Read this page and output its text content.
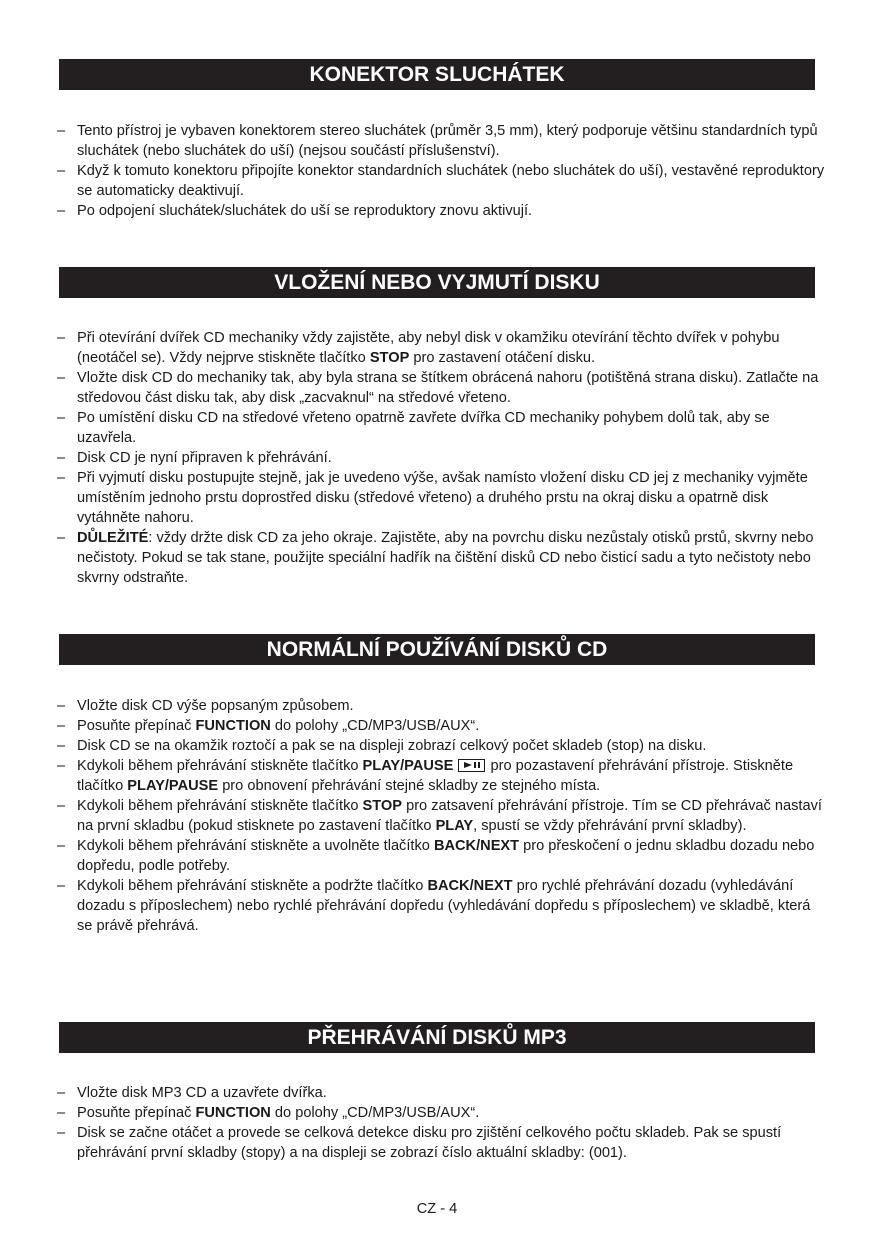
KONEKTOR SLUCHÁTEK
– Tento přístroj je vybaven konektorem stereo sluchátek (průměr 3,5 mm), který podporuje většinu standardních typů sluchátek (nebo sluchátek do uší) (nejsou součástí příslušenství).
– Když k tomuto konektoru připojíte konektor standardních sluchátek (nebo sluchátek do uší), vestavěné reproduktory se automaticky deaktivují.
– Po odpojení sluchátek/sluchátek do uší se reproduktory znovu aktivují.
VLOŽENÍ NEBO VYJMUTÍ DISKU
– Při otevírání dvířek CD mechaniky vždy zajistěte, aby nebyl disk v okamžiku otevírání těchto dvířek v pohybu (neotáčel se). Vždy nejprve stiskněte tlačítko STOP pro zastavení otáčení disku.
– Vložte disk CD do mechaniky tak, aby byla strana se štítkem obrácená nahoru (potištěná strana disku). Zatlačte na středovou část disku tak, aby disk „zacvaknul“ na středové vřeteno.
– Po umístění disku CD na středové vřeteno opatrně zavřete dvířka CD mechaniky pohybem dolů tak, aby se uzavřela.
– Disk CD je nyní připraven k přehrávání.
– Při vyjmutí disku postupujte stejně, jak je uvedeno výše, avšak namísto vložení disku CD jej z mechaniky vyjměte umístěním jednoho prstu doprostřed disku (středové vřeteno) a druhého prstu na okraj disku a opatrně disk vytáhněte nahoru.
– DŮLEŽITÉ: vždy držte disk CD za jeho okraje. Zajistěte, aby na povrchu disku nezůstaly otisků prstů, skvrny nebo nečistoty. Pokud se tak stane, použijte speciální hadřík na čištění disků CD nebo čisticí sadu a tyto nečistoty nebo skvrny odstraňte.
NORMÁLNÍ POUŽÍVÁNÍ DISKŮ CD
– Vložte disk CD výše popsaným způsobem.
– Posuňte přepínač FUNCTION do polohy „CD/MP3/USB/AUX“.
– Disk CD se na okamžik roztočí a pak se na displeji zobrazí celkový počet skladeb (stop) na disku.
– Kdykoli během přehrávání stiskněte tlačítko PLAY/PAUSE
pro pozastavení přehrávání přístroje. Stiskněte tlačítko PLAY/PAUSE pro obnovení přehrávání stejné skladby ze stejného místa.
– Kdykoli během přehrávání stiskněte tlačítko STOP pro zatsavení přehrávání přístroje. Tím se CD přehrávač nastaví na první skladbu (pokud stisknete po zastavení tlačítko PLAY, spustí se vždy přehrávání první skladby).
– Kdykoli během přehrávání stiskněte a uvolněte tlačítko BACK/NEXT pro přeskočení o jednu skladbu dozadu nebo dopředu, podle potřeby.
– Kdykoli během přehrávání stiskněte a podržte tlačítko BACK/NEXT pro rychlé přehrávání dozadu (vyhledávání dozadu s příposlechem) nebo rychlé přehrávání dopředu (vyhledávání dopředu s příposlechem) ve skladbě, která se právě přehrává.
PŘEHRÁVÁNÍ DISKŮ MP3
– Vložte disk MP3 CD a uzavřete dvířka.
– Posuňte přepínač FUNCTION do polohy „CD/MP3/USB/AUX“.
– Disk se začne otáčet a provede se celková detekce disku pro zjištění celkového počtu skladeb. Pak se spustí přehrávání první skladby (stopy) a na displeji se zobrazí číslo aktuální skladby: (001).
CZ - 4
